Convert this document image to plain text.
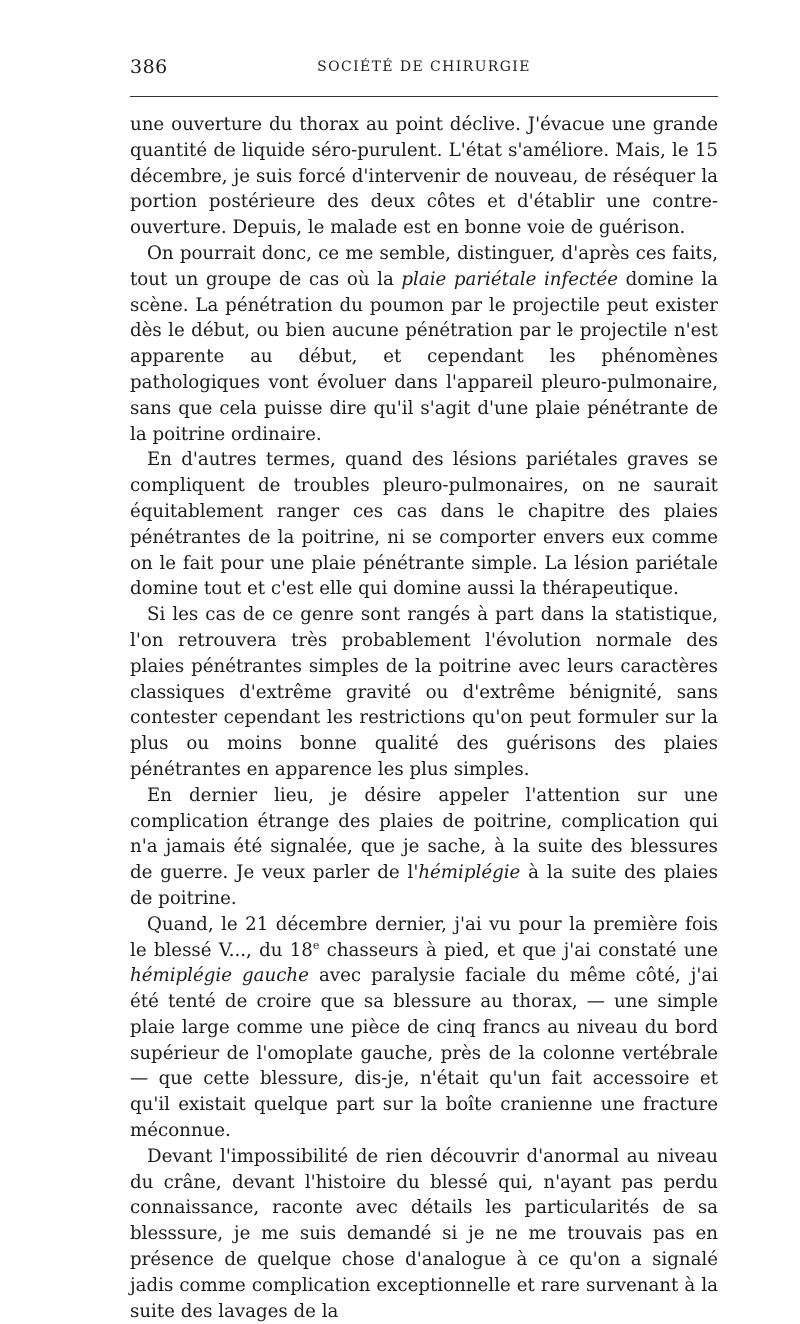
386	SOCIÉTÉ DE CHIRURGIE

une ouverture du thorax au point déclive. J'évacue une grande quantité de liquide séro-purulent. L'état s'améliore. Mais, le 15 décembre, je suis forcé d'intervenir de nouveau, de réséquer la portion postérieure des deux côtes et d'établir une contre-ouverture. Depuis, le malade est en bonne voie de guérison.

On pourrait donc, ce me semble, distinguer, d'après ces faits, tout un groupe de cas où la plaie pariétale infectée domine la scène. La pénétration du poumon par le projectile peut exister dès le début, ou bien aucune pénétration par le projectile n'est apparente au début, et cependant les phénomènes pathologiques vont évoluer dans l'appareil pleuro-pulmonaire, sans que cela puisse dire qu'il s'agit d'une plaie pénétrante de la poitrine ordinaire.

En d'autres termes, quand des lésions pariétales graves se compliquent de troubles pleuro-pulmonaires, on ne saurait équitablement ranger ces cas dans le chapitre des plaies pénétrantes de la poitrine, ni se comporter envers eux comme on le fait pour une plaie pénétrante simple. La lésion pariétale domine tout et c'est elle qui domine aussi la thérapeutique.

Si les cas de ce genre sont rangés à part dans la statistique, l'on retrouvera très probablement l'évolution normale des plaies pénétrantes simples de la poitrine avec leurs caractères classiques d'extrême gravité ou d'extrême bénignité, sans contester cependant les restrictions qu'on peut formuler sur la plus ou moins bonne qualité des guérisons des plaies pénétrantes en apparence les plus simples.

En dernier lieu, je désire appeler l'attention sur une complication étrange des plaies de poitrine, complication qui n'a jamais été signalée, que je sache, à la suite des blessures de guerre. Je veux parler de l'hémiplégie à la suite des plaies de poitrine.

Quand, le 21 décembre dernier, j'ai vu pour la première fois le blessé V..., du 18e chasseurs à pied, et que j'ai constaté une hémiplégie gauche avec paralysie faciale du même côté, j'ai été tenté de croire que sa blessure au thorax, — une simple plaie large comme une pièce de cinq francs au niveau du bord supérieur de l'omoplate gauche, près de la colonne vertébrale — que cette blessure, dis-je, n'était qu'un fait accessoire et qu'il existait quelque part sur la boîte cranienne une fracture méconnue.

Devant l'impossibilité de rien découvrir d'anormal au niveau du crâne, devant l'histoire du blessé qui, n'ayant pas perdu connaissance, raconte avec détails les particularités de sa blesssure, je me suis demandé si je ne me trouvais pas en présence de quelque chose d'analogue à ce qu'on a signalé jadis comme complication exceptionnelle et rare survenant à la suite des lavages de la
